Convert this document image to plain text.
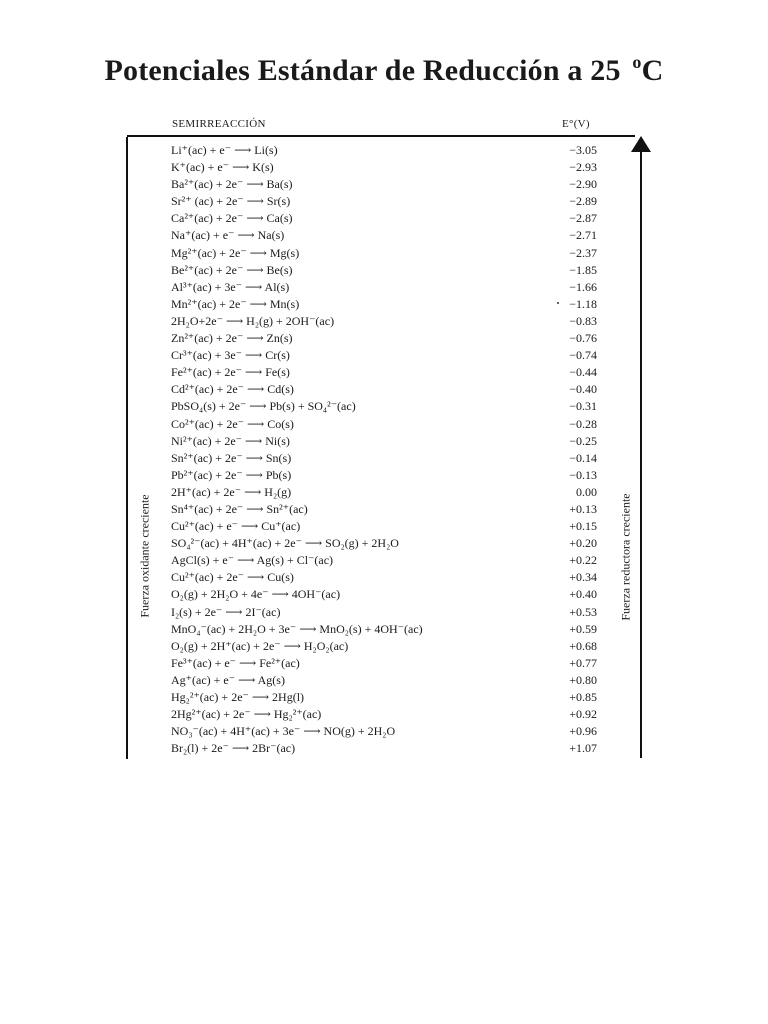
Potenciales Estándar de Reducción a 25 $^o$C
SEMIRREACCIÓN	E°(V)
Fuerza oxidante creciente	Fuerza reductora creciente
Li⁺(ac) + e⁻ ⟶ Li(s)	−3.05
K⁺(ac) + e⁻ ⟶ K(s)	−2.93
Ba²⁺(ac) + 2e⁻ ⟶ Ba(s)	−2.90
Sr²⁺ (ac) + 2e⁻ ⟶ Sr(s)	−2.89
Ca²⁺(ac) + 2e⁻ ⟶ Ca(s)	−2.87
Na⁺(ac) + e⁻ ⟶ Na(s)	−2.71
Mg²⁺(ac) + 2e⁻ ⟶ Mg(s)	−2.37
Be²⁺(ac) + 2e⁻ ⟶ Be(s)	−1.85
Al³⁺(ac) + 3e⁻ ⟶ Al(s)	−1.66
Mn²⁺(ac) + 2e⁻ ⟶ Mn(s)	−1.18
2H₂O+2e⁻ ⟶ H₂(g) + 2OH⁻(ac)	−0.83
Zn²⁺(ac) + 2e⁻ ⟶ Zn(s)	−0.76
Cr³⁺(ac) + 3e⁻ ⟶ Cr(s)	−0.74
Fe²⁺(ac) + 2e⁻ ⟶ Fe(s)	−0.44
Cd²⁺(ac) + 2e⁻ ⟶ Cd(s)	−0.40
PbSO₄(s) + 2e⁻ ⟶ Pb(s) + SO₄²⁻(ac)	−0.31
Co²⁺(ac) + 2e⁻ ⟶ Co(s)	−0.28
Ni²⁺(ac) + 2e⁻ ⟶ Ni(s)	−0.25
Sn²⁺(ac) + 2e⁻ ⟶ Sn(s)	−0.14
Pb²⁺(ac) + 2e⁻ ⟶ Pb(s)	−0.13
2H⁺(ac) + 2e⁻ ⟶ H₂(g)	0.00
Sn⁴⁺(ac) + 2e⁻ ⟶ Sn²⁺(ac)	+0.13
Cu²⁺(ac) + e⁻ ⟶ Cu⁺(ac)	+0.15
SO₄²⁻(ac) + 4H⁺(ac) + 2e⁻ ⟶ SO₂(g) + 2H₂O	+0.20
AgCl(s) + e⁻ ⟶ Ag(s) + Cl⁻(ac)	+0.22
Cu²⁺(ac) + 2e⁻ ⟶ Cu(s)	+0.34
O₂(g) + 2H₂O + 4e⁻ ⟶ 4OH⁻(ac)	+0.40
I₂(s) + 2e⁻ ⟶ 2I⁻(ac)	+0.53
MnO₄⁻(ac) + 2H₂O + 3e⁻ ⟶ MnO₂(s) + 4OH⁻(ac)	+0.59
O₂(g) + 2H⁺(ac) + 2e⁻ ⟶ H₂O₂(ac)	+0.68
Fe³⁺(ac) + e⁻ ⟶ Fe²⁺(ac)	+0.77
Ag⁺(ac) + e⁻ ⟶ Ag(s)	+0.80
Hg₂²⁺(ac) + 2e⁻ ⟶ 2Hg(l)	+0.85
2Hg²⁺(ac) + 2e⁻ ⟶ Hg₂²⁺(ac)	+0.92
NO₃⁻(ac) + 4H⁺(ac) + 3e⁻ ⟶ NO(g) + 2H₂O	+0.96
Br₂(l) + 2e⁻ ⟶ 2Br⁻(ac)	+1.07
